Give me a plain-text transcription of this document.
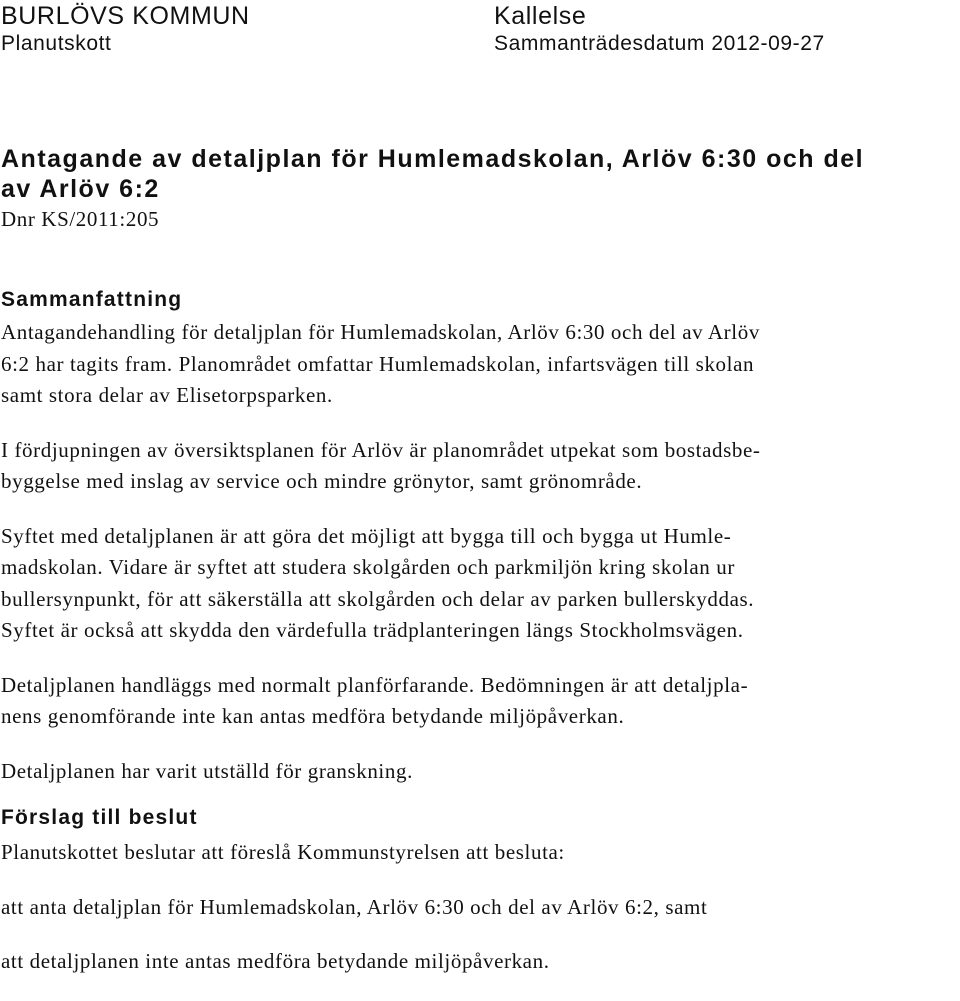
BURLÖVS KOMMUN
Planutskott
Kallelse
Sammanträdesdatum 2012-09-27
Antagande av detaljplan för Humlemadskolan, Arlöv 6:30 och del
av Arlöv 6:2

Dnr KS/2011:205

Sammanfattning

Antagandehandling för detaljplan för Humlemadskolan, Arlöv 6:30 och del av Arlöv
6:2 har tagits fram. Planområdet omfattar Humlemadskolan, infartsvägen till skolan
samt stora delar av Elisetorpsparken.

I fördjupningen av översiktsplanen för Arlöv är planområdet utpekat som bostadsbe-
byggelse med inslag av service och mindre grönytor, samt grönområde.

Syftet med detaljplanen är att göra det möjligt att bygga till och bygga ut Humle-
madskolan. Vidare är syftet att studera skolgården och parkmiljön kring skolan ur
bullersynpunkt, för att säkerställa att skolgården och delar av parken bullerskyddas.
Syftet är också att skydda den värdefulla trädplanteringen längs Stockholmsvägen.

Detaljplanen handläggs med normalt planförfarande. Bedömningen är att detaljpla-
nens genomförande inte kan antas medföra betydande miljöpåverkan.

Detaljplanen har varit utställd för granskning.

Förslag till beslut

Planutskottet beslutar att föreslå Kommunstyrelsen att besluta:

att anta detaljplan för Humlemadskolan, Arlöv 6:30 och del av Arlöv 6:2, samt

att detaljplanen inte antas medföra betydande miljöpåverkan.
